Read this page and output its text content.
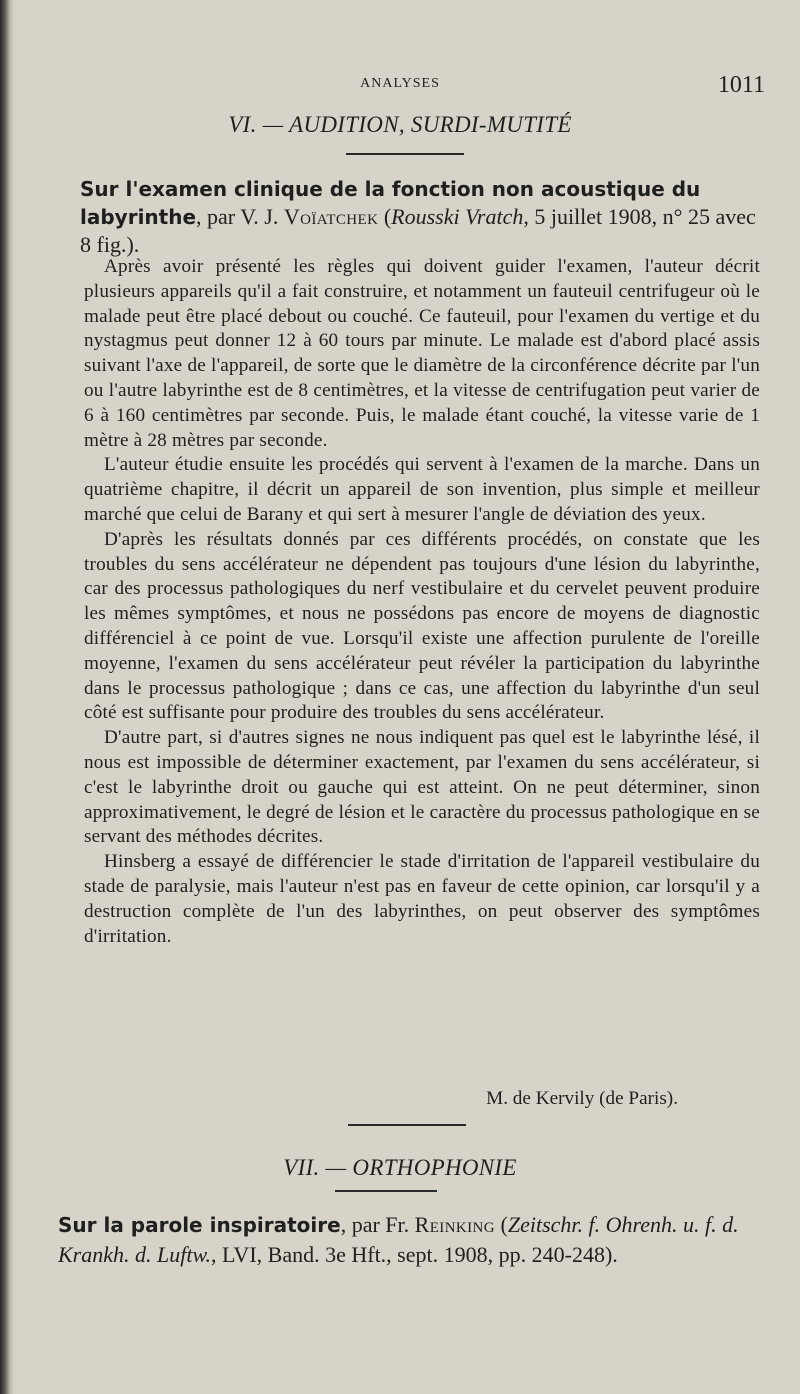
ANALYSES	1011
VI. — AUDITION, SURDI-MUTITÉ
Sur l'examen clinique de la fonction non acoustique du labyrinthe, par V. J. Voïatchek (Rousski Vratch, 5 juillet 1908, n° 25 avec 8 fig.).

Après avoir présenté les règles qui doivent guider l'examen, l'auteur décrit plusieurs appareils qu'il a fait construire, et notamment un fauteuil centrifugeur où le malade peut être placé debout ou couché. Ce fauteuil, pour l'examen du vertige et du nystagmus peut donner 12 à 60 tours par minute. Le malade est d'abord placé assis suivant l'axe de l'appareil, de sorte que le diamètre de la circonférence décrite par l'un ou l'autre labyrinthe est de 8 centimètres, et la vitesse de centrifugation peut varier de 6 à 160 centimètres par seconde. Puis, le malade étant couché, la vitesse varie de 1 mètre à 28 mètres par seconde.

L'auteur étudie ensuite les procédés qui servent à l'examen de la marche. Dans un quatrième chapitre, il décrit un appareil de son invention, plus simple et meilleur marché que celui de Barany et qui sert à mesurer l'angle de déviation des yeux.

D'après les résultats donnés par ces différents procédés, on constate que les troubles du sens accélérateur ne dépendent pas toujours d'une lésion du labyrinthe, car des processus pathologiques du nerf vestibulaire et du cervelet peuvent produire les mêmes symptômes, et nous ne possédons pas encore de moyens de diagnostic différenciel à ce point de vue. Lorsqu'il existe une affection purulente de l'oreille moyenne, l'examen du sens accélérateur peut révéler la participation du labyrinthe dans le processus pathologique ; dans ce cas, une affection du labyrinthe d'un seul côté est suffisante pour produire des troubles du sens accélérateur.

D'autre part, si d'autres signes ne nous indiquent pas quel est le labyrinthe lésé, il nous est impossible de déterminer exactement, par l'examen du sens accélérateur, si c'est le labyrinthe droit ou gauche qui est atteint. On ne peut déterminer, sinon approximativement, le degré de lésion et le caractère du processus pathologique en se servant des méthodes décrites.

Hinsberg a essayé de différencier le stade d'irritation de l'appareil vestibulaire du stade de paralysie, mais l'auteur n'est pas en faveur de cette opinion, car lorsqu'il y a destruction complète de l'un des labyrinthes, on peut observer des symptômes d'irritation.

M. de Kervily (de Paris).
VII. — ORTHOPHONIE
Sur la parole inspiratoire, par Fr. Reinking (Zeitschr. f. Ohrenh. u. f. d. Krankh. d. Luftw., LVI, Band. 3e Hft., sept. 1908, pp. 240-248).
